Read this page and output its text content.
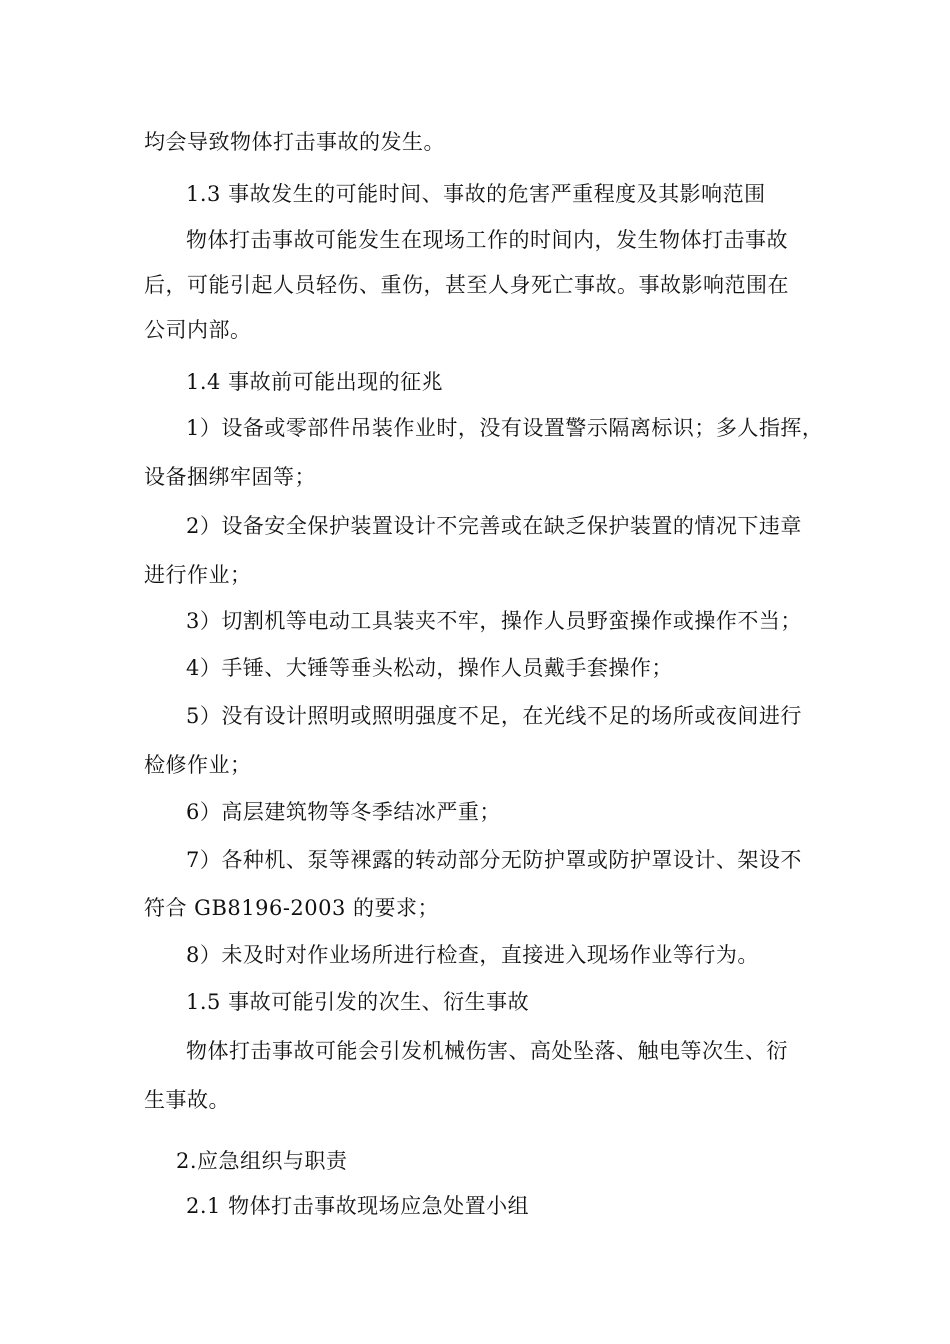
均会导致物体打击事故的发生。
1.3 事故发生的可能时间、事故的危害严重程度及其影响范围
物体打击事故可能发生在现场工作的时间内，发生物体打击事故
后，可能引起人员轻伤、重伤，甚至人身死亡事故。事故影响范围在
公司内部。
1.4 事故前可能出现的征兆
1）设备或零部件吊装作业时，没有设置警示隔离标识；多人指挥，
设备捆绑牢固等；
2）设备安全保护装置设计不完善或在缺乏保护装置的情况下违章
进行作业；
3）切割机等电动工具装夹不牢，操作人员野蛮操作或操作不当；
4）手锤、大锤等垂头松动，操作人员戴手套操作；
5）没有设计照明或照明强度不足，在光线不足的场所或夜间进行
检修作业；
6）高层建筑物等冬季结冰严重；
7）各种机、泵等裸露的转动部分无防护罩或防护罩设计、架设不
符合 GB8196-2003 的要求；
8）未及时对作业场所进行检查，直接进入现场作业等行为。
1.5 事故可能引发的次生、衍生事故
物体打击事故可能会引发机械伤害、高处坠落、触电等次生、衍
生事故。
2.应急组织与职责
2.1 物体打击事故现场应急处置小组
